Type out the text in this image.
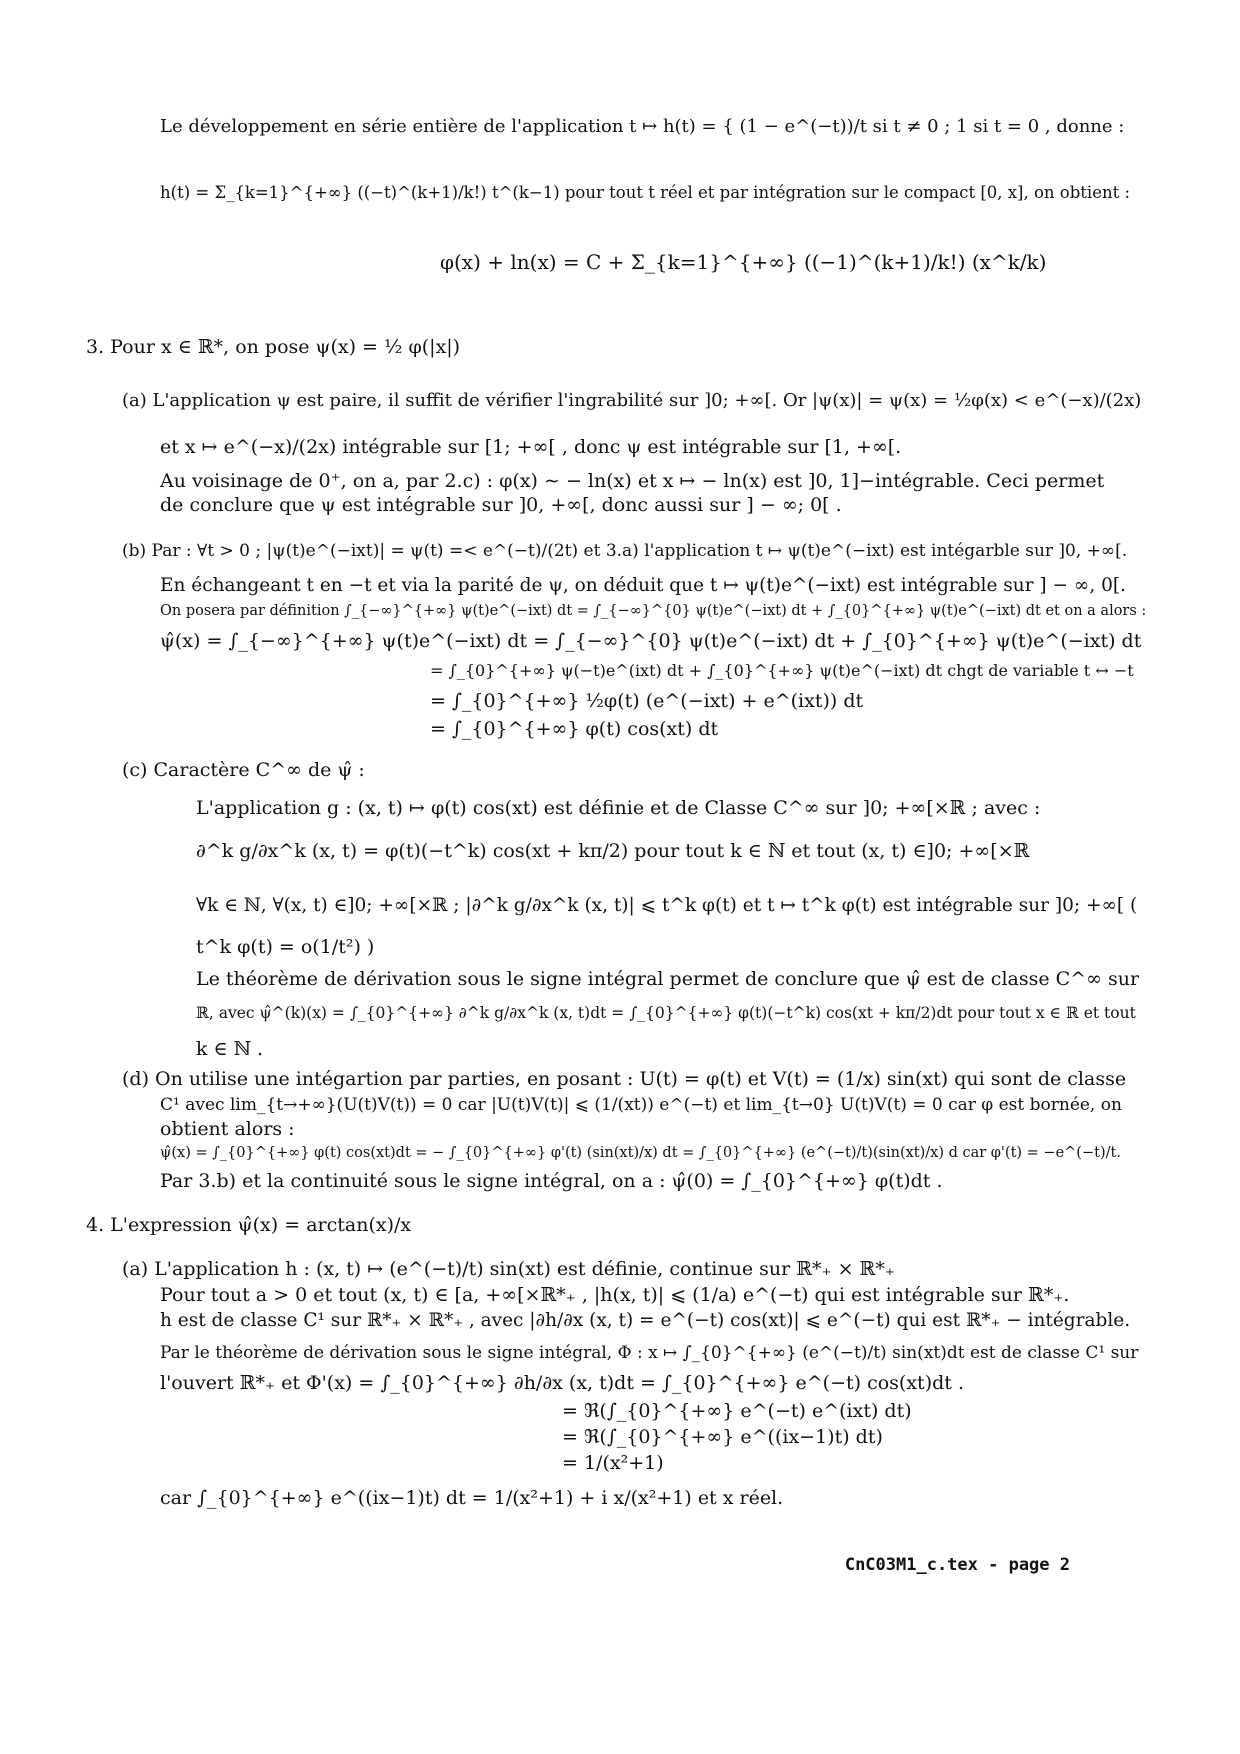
Le développement en série entière de l'application t ↦ h(t) = { (1 − e^(−t))/t si t ≠ 0 ; 1 si t = 0 , donne :
h(t) = Σ_{k=1}^{+∞} ((−t)^(k+1)/k!) t^(k−1) pour tout t réel et par intégration sur le compact [0, x], on obtient :
φ(x) + ln(x) = C + Σ_{k=1}^{+∞} ((−1)^(k+1)/k!) (x^k/k)
3. Pour x ∈ ℝ*, on pose ψ(x) = ½ φ(|x|)
(a) L'application ψ est paire, il suffit de vérifier l'ingrabilité sur ]0; +∞[. Or |ψ(x)| = ψ(x) = ½φ(x) < e^(−x)/(2x)
et x ↦ e^(−x)/(2x) intégrable sur [1; +∞[ , donc ψ est intégrable sur [1, +∞[.
Au voisinage de 0⁺, on a, par 2.c) : φ(x) ∼ − ln(x) et x ↦ − ln(x) est ]0, 1]−intégrable. Ceci permet
de conclure que ψ est intégrable sur ]0, +∞[, donc aussi sur ] − ∞; 0[ .
(b) Par : ∀t > 0 ; |ψ(t)e^(−ixt)| = ψ(t) =< e^(−t)/(2t) et 3.a) l'application t ↦ ψ(t)e^(−ixt) est intégarble sur ]0, +∞[.
En échangeant t en −t et via la parité de ψ, on déduit que t ↦ ψ(t)e^(−ixt) est intégrable sur ] − ∞, 0[.
On posera par définition ∫_{−∞}^{+∞} ψ(t)e^(−ixt) dt = ∫_{−∞}^{0} ψ(t)e^(−ixt) dt + ∫_{0}^{+∞} ψ(t)e^(−ixt) dt et on a alors :
ψ̂(x) = ∫_{−∞}^{+∞} ψ(t)e^(−ixt) dt = ∫_{−∞}^{0} ψ(t)e^(−ixt) dt + ∫_{0}^{+∞} ψ(t)e^(−ixt) dt
= ∫_{0}^{+∞} ψ(−t)e^(ixt) dt + ∫_{0}^{+∞} ψ(t)e^(−ixt) dt chgt de variable t ↔ −t
= ∫_{0}^{+∞} ½φ(t) (e^(−ixt) + e^(ixt)) dt
= ∫_{0}^{+∞} φ(t) cos(xt) dt
(c) Caractère C^∞ de ψ̂ :
L'application g : (x, t) ↦ φ(t) cos(xt) est définie et de Classe C^∞ sur ]0; +∞[×ℝ ; avec :
∂^k g/∂x^k (x, t) = φ(t)(−t^k) cos(xt + kπ/2) pour tout k ∈ ℕ et tout (x, t) ∈]0; +∞[×ℝ
∀k ∈ ℕ, ∀(x, t) ∈]0; +∞[×ℝ ; |∂^k g/∂x^k (x, t)| ⩽ t^k φ(t) et t ↦ t^k φ(t) est intégrable sur ]0; +∞[ (
t^k φ(t) = o(1/t²) )
Le théorème de dérivation sous le signe intégral permet de conclure que ψ̂ est de classe C^∞ sur
ℝ, avec ψ̂^(k)(x) = ∫_{0}^{+∞} ∂^k g/∂x^k (x, t)dt = ∫_{0}^{+∞} φ(t)(−t^k) cos(xt + kπ/2)dt pour tout x ∈ ℝ et tout
k ∈ ℕ .
(d) On utilise une intégartion par parties, en posant : U(t) = φ(t) et V(t) = (1/x) sin(xt) qui sont de classe
C¹ avec lim_{t→+∞}(U(t)V(t)) = 0 car |U(t)V(t)| ⩽ (1/(xt)) e^(−t) et lim_{t→0} U(t)V(t) = 0 car φ est bornée, on
obtient alors :
ψ̂(x) = ∫_{0}^{+∞} φ(t) cos(xt)dt = − ∫_{0}^{+∞} φ'(t) (sin(xt)/x) dt = ∫_{0}^{+∞} (e^(−t)/t)(sin(xt)/x) d car φ'(t) = −e^(−t)/t.
Par 3.b) et la continuité sous le signe intégral, on a : ψ̂(0) = ∫_{0}^{+∞} φ(t)dt .
4. L'expression ψ̂(x) = arctan(x)/x
(a) L'application h : (x, t) ↦ (e^(−t)/t) sin(xt) est définie, continue sur ℝ*₊ × ℝ*₊
Pour tout a > 0 et tout (x, t) ∈ [a, +∞[×ℝ*₊ , |h(x, t)| ⩽ (1/a) e^(−t) qui est intégrable sur ℝ*₊.
h est de classe C¹ sur ℝ*₊ × ℝ*₊ , avec |∂h/∂x (x, t) = e^(−t) cos(xt)| ⩽ e^(−t) qui est ℝ*₊ − intégrable.
Par le théorème de dérivation sous le signe intégral, Φ : x ↦ ∫_{0}^{+∞} (e^(−t)/t) sin(xt)dt est de classe C¹ sur
l'ouvert ℝ*₊ et Φ'(x) = ∫_{0}^{+∞} ∂h/∂x (x, t)dt = ∫_{0}^{+∞} e^(−t) cos(xt)dt .
= ℜ(∫_{0}^{+∞} e^(−t) e^(ixt) dt)
= ℜ(∫_{0}^{+∞} e^((ix−1)t) dt)
= 1/(x²+1)
car ∫_{0}^{+∞} e^((ix−1)t) dt = 1/(x²+1) + i x/(x²+1) et x réel.
CnC03M1_c.tex - page 2
